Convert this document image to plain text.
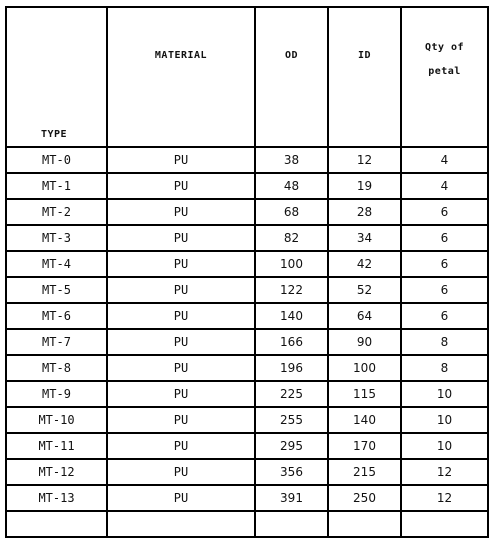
TYPE	MATERIAL	OD	ID	Qty of
petal
MT-0	PU	38	12	4
MT-1	PU	48	19	4
MT-2	PU	68	28	6
MT-3	PU	82	34	6
MT-4	PU	100	42	6
MT-5	PU	122	52	6
MT-6	PU	140	64	6
MT-7	PU	166	90	8
MT-8	PU	196	100	8
MT-9	PU	225	115	10
MT-10	PU	255	140	10
MT-11	PU	295	170	10
MT-12	PU	356	215	12
MT-13	PU	391	250	12
